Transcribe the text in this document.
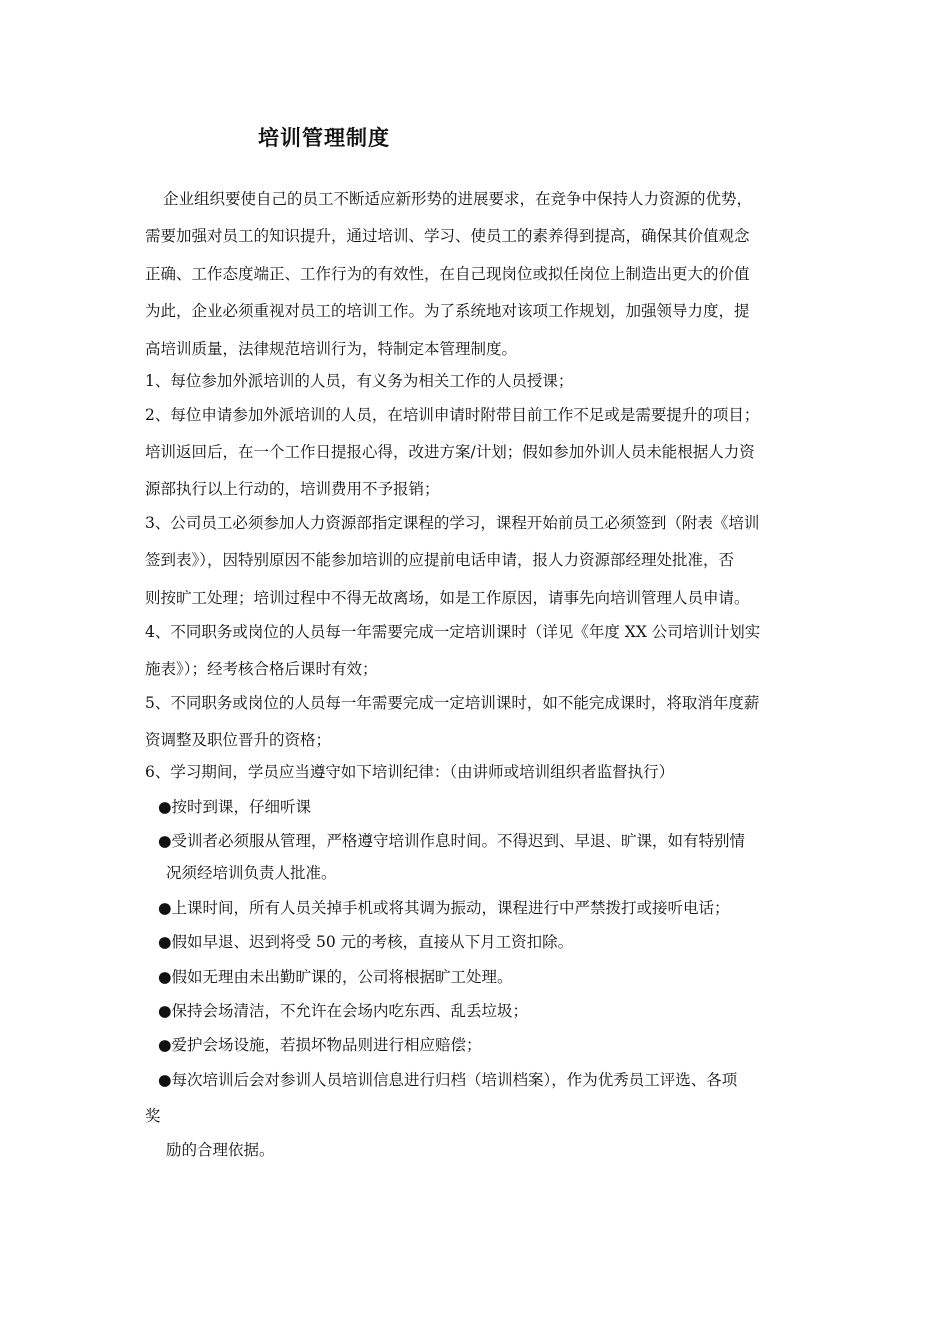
培训管理制度
企业组织要使自己的员工不断适应新形势的进展要求，在竞争中保持人力资源的优势，
需要加强对员工的知识提升，通过培训、学习、使员工的素养得到提高，确保其价值观念
正确、工作态度端正、工作行为的有效性，在自己现岗位或拟任岗位上制造出更大的价值
为此，企业必须重视对员工的培训工作。为了系统地对该项工作规划，加强领导力度，提
高培训质量，法律规范培训行为，特制定本管理制度。
1、每位参加外派培训的人员，有义务为相关工作的人员授课；
2、每位申请参加外派培训的人员，在培训申请时附带目前工作不足或是需要提升的项目；
培训返回后，在一个工作日提报心得，改进方案/计划；假如参加外训人员未能根据人力资
源部执行以上行动的，培训费用不予报销；
3、公司员工必须参加人力资源部指定课程的学习，课程开始前员工必须签到（附表《培训
签到表》），因特别原因不能参加培训的应提前电话申请，报人力资源部经理处批准，否
则按旷工处理；培训过程中不得无故离场，如是工作原因，请事先向培训管理人员申请。
4、不同职务或岗位的人员每一年需要完成一定培训课时（详见《年度 XX 公司培训计划实
施表》）；经考核合格后课时有效；
5、不同职务或岗位的人员每一年需要完成一定培训课时，如不能完成课时，将取消年度薪
资调整及职位晋升的资格；
6、学习期间，学员应当遵守如下培训纪律：（由讲师或培训组织者监督执行）
●按时到课，仔细听课
●受训者必须服从管理，严格遵守培训作息时间。不得迟到、早退、旷课，如有特别情
况须经培训负责人批准。
●上课时间，所有人员关掉手机或将其调为振动，课程进行中严禁拨打或接听电话；
●假如早退、迟到将受 50 元的考核，直接从下月工资扣除。
●假如无理由未出勤旷课的，公司将根据旷工处理。
●保持会场清洁，不允许在会场内吃东西、乱丢垃圾；
●爱护会场设施，若损坏物品则进行相应赔偿；
●每次培训后会对参训人员培训信息进行归档（培训档案），作为优秀员工评选、各项
奖
励的合理依据。
